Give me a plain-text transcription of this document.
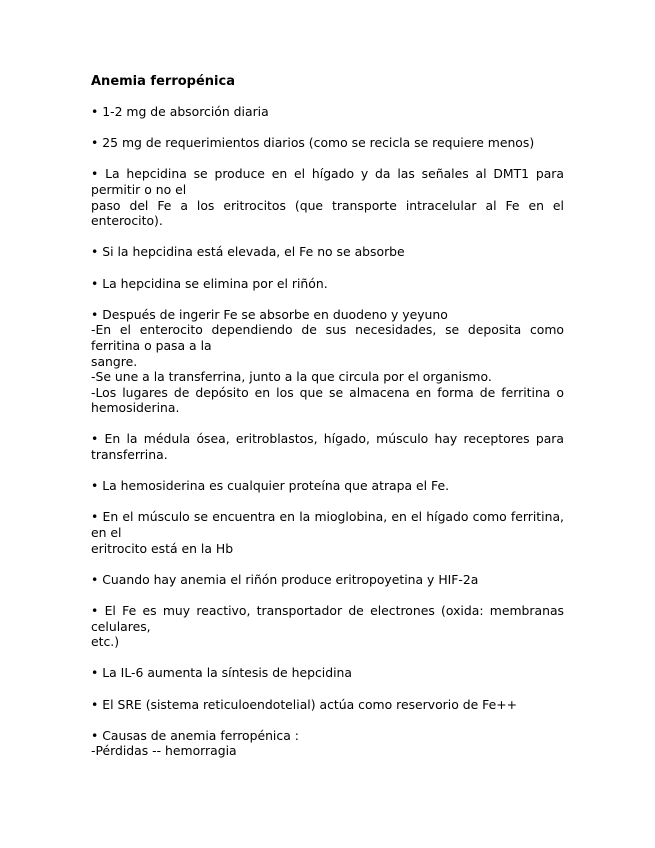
Anemia ferropénica
• 1-2 mg de absorción diaria
• 25 mg de requerimientos diarios (como se recicla se requiere menos)
• La hepcidina se produce en el hígado y da las señales al DMT1 para permitir o no el
paso del Fe a los eritrocitos (que transporte intracelular al Fe en el enterocito).
• Si la hepcidina está elevada, el Fe no se absorbe
• La hepcidina se elimina por el riñón.
• Después de ingerir Fe se absorbe en duodeno y yeyuno
-En el enterocito dependiendo de sus necesidades, se deposita como ferritina o pasa a la
sangre.
-Se une a la transferrina, junto a la que circula por el organismo.
-Los lugares de depósito en los que se almacena en forma de ferritina o hemosiderina.
• En la médula ósea, eritroblastos, hígado, músculo hay receptores para transferrina.
• La hemosiderina es cualquier proteína que atrapa el Fe.
• En el músculo se encuentra en la mioglobina, en el hígado como ferritina, en el
eritrocito está en la Hb
• Cuando hay anemia el riñón produce eritropoyetina y HIF-2a
• El Fe es muy reactivo, transportador de electrones (oxida: membranas celulares,
etc.)
• La IL-6 aumenta la síntesis de hepcidina
• El SRE (sistema reticuloendotelial) actúa como reservorio de Fe++
• Causas de anemia ferropénica :
-Pérdidas -- hemorragia
